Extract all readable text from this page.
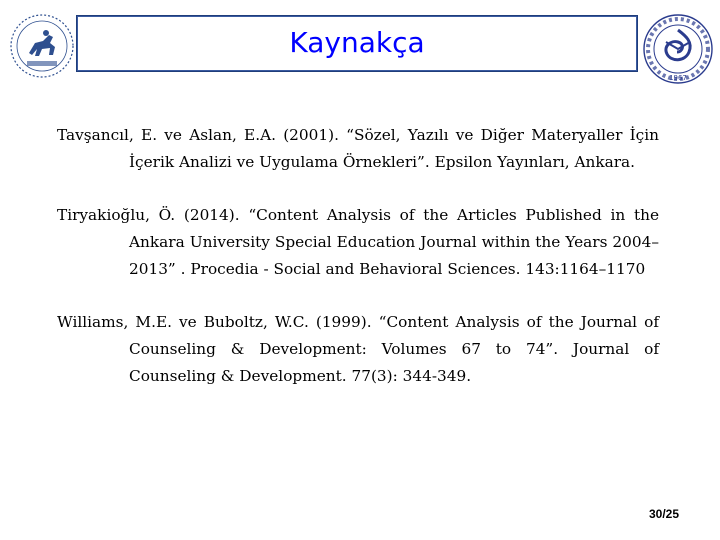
Kaynakça
1967

Tavşancıl, E. ve Aslan, E.A. (2001). “Sözel, Yazılı ve Diğer Materyaller İçin İçerik Analizi ve Uygulama Örnekleri”. Epsilon Yayınları, Ankara.

Tiryakioğlu, Ö. (2014). “Content Analysis of the Articles Published in the Ankara University Special Education Journal within the Years 2004–2013” . Procedia - Social and Behavioral Sciences. 143:1164–1170

Williams, M.E. ve Buboltz, W.C. (1999). “Content Analysis of the Journal of Counseling & Development: Volumes 67 to 74”. Journal of Counseling & Development. 77(3): 344-349.

30/25
